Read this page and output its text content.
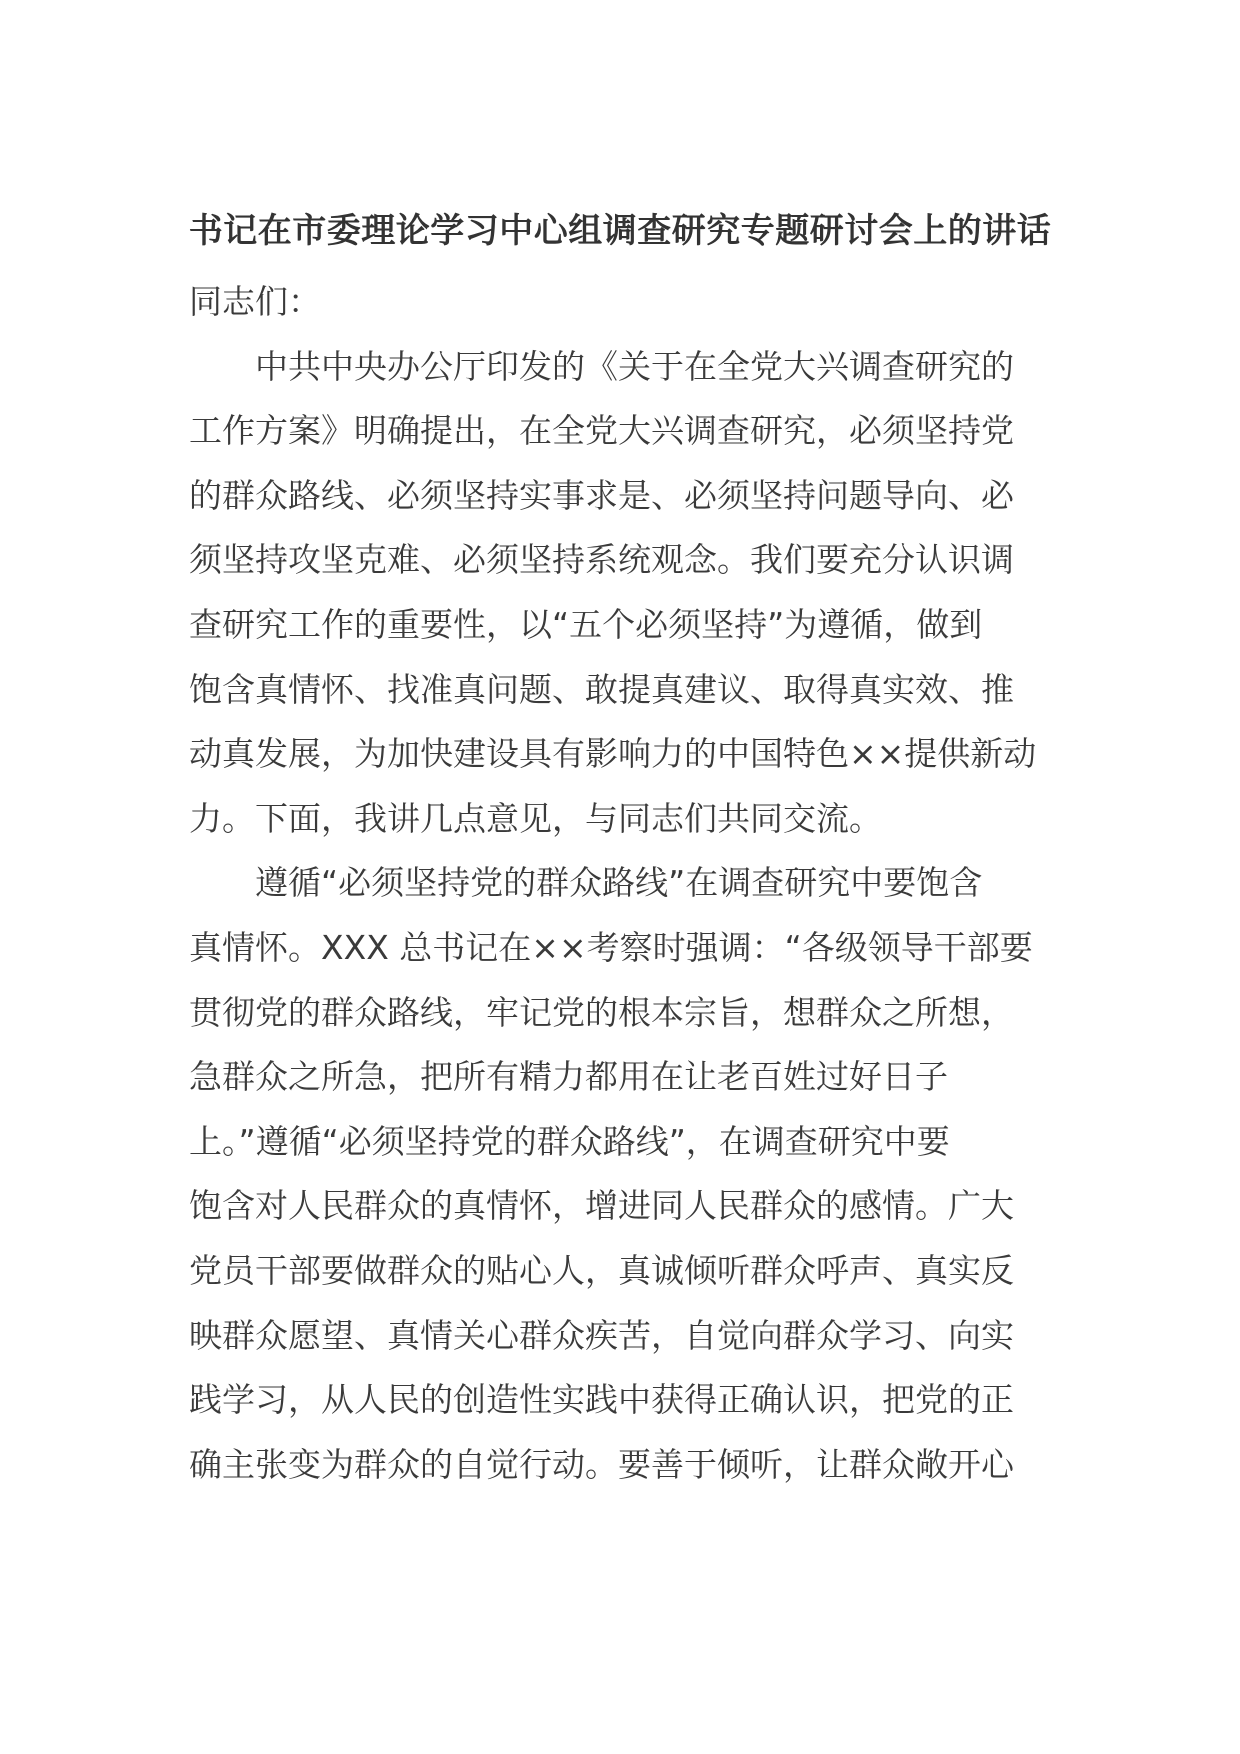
书记在市委理论学习中心组调查研究专题研讨会上的讲话
同志们：
中共中央办公厅印发的《关于在全党大兴调查研究的
工作方案》明确提出，在全党大兴调查研究，必须坚持党
的群众路线、必须坚持实事求是、必须坚持问题导向、必
须坚持攻坚克难、必须坚持系统观念。我们要充分认识调
查研究工作的重要性，以“五个必须坚持”为遵循，做到
饱含真情怀、找准真问题、敢提真建议、取得真实效、推
动真发展，为加快建设具有影响力的中国特色××提供新动
力。下面，我讲几点意见，与同志们共同交流。
遵循“必须坚持党的群众路线”在调查研究中要饱含
真情怀。XXX 总书记在××考察时强调：“各级领导干部要
贯彻党的群众路线，牢记党的根本宗旨，想群众之所想，
急群众之所急，把所有精力都用在让老百姓过好日子
上。”遵循“必须坚持党的群众路线”，在调查研究中要
饱含对人民群众的真情怀，增进同人民群众的感情。广大
党员干部要做群众的贴心人，真诚倾听群众呼声、真实反
映群众愿望、真情关心群众疾苦，自觉向群众学习、向实
践学习，从人民的创造性实践中获得正确认识，把党的正
确主张变为群众的自觉行动。要善于倾听，让群众敞开心
